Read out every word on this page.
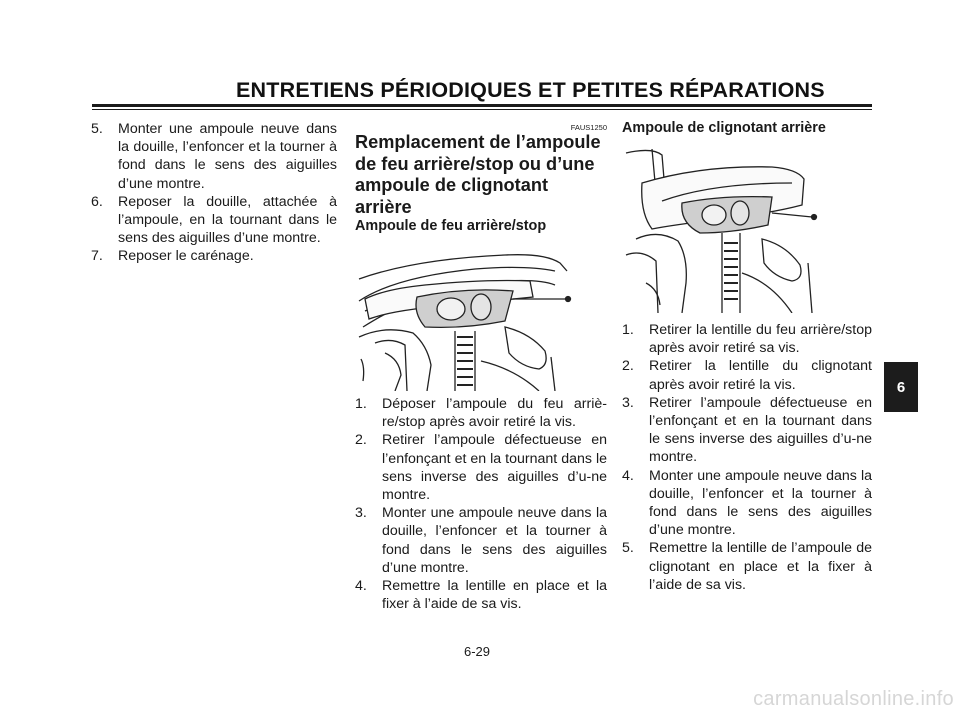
ENTRETIENS PÉRIODIQUES ET PETITES RÉPARATIONS
5.	Monter une ampoule neuve dans la douille, l’enfoncer et la tourner à fond dans le sens des aiguilles d’une montre.
6.	Reposer la douille, attachée à l’ampoule, en la tournant dans le sens des aiguilles d’une montre.
7.	Reposer le carénage.
FAUS1250
Remplacement de l’ampoule de feu arrière/stop ou d’une ampoule de clignotant arrière
Ampoule de feu arrière/stop
1.	Déposer l’ampoule du feu arriè-re/stop après avoir retiré la vis.
2.	Retirer l’ampoule défectueuse en l’enfonçant et en la tournant dans le sens inverse des aiguilles d’u-ne montre.
3.	Monter une ampoule neuve dans la douille, l’enfoncer et la tourner à fond dans le sens des aiguilles d’une montre.
4.	Remettre la lentille en place et la fixer à l’aide de sa vis.
Ampoule de clignotant arrière
1.	Retirer la lentille du feu arrière/stop après avoir retiré sa vis.
2.	Retirer la lentille du clignotant après avoir retiré la vis.
3.	Retirer l’ampoule défectueuse en l’enfonçant et en la tournant dans le sens inverse des aiguilles d’u-ne montre.
4.	Monter une ampoule neuve dans la douille, l’enfoncer et la tourner à fond dans le sens des aiguilles d’une montre.
5.	Remettre la lentille de l’ampoule de clignotant en place et la fixer à l’aide de sa vis.
6-29
6
carmanualsonline.info
